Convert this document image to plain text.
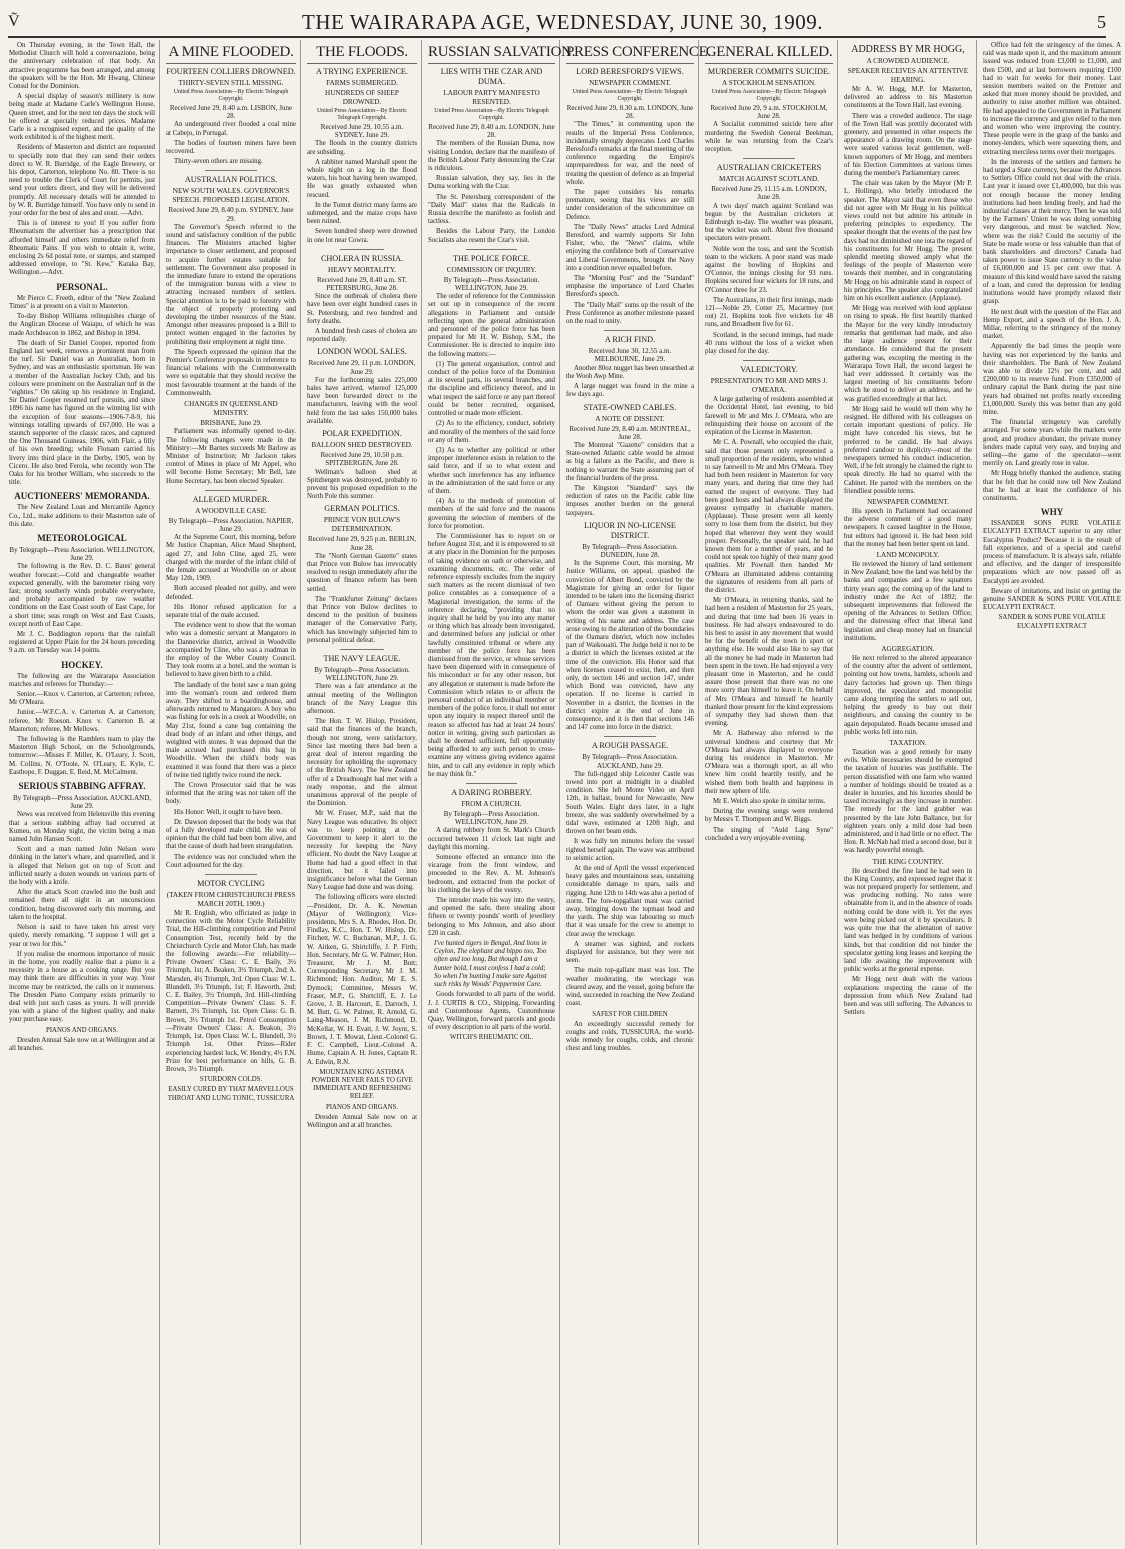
Ṽ	THE WAIRARAPA AGE, WEDNESDAY, JUNE 30, 1909.	5

On Thursday evening, in the Town Hall, the Methodist Church will hold a conversazione, being the anniversary celebration of that body. An attractive programme has been arranged, and among the speakers will be the Hon. Mr Hwang, Chinese Consul for the Dominion.

A special display of season's millinery is now being made at Madame Carle's Wellington House, Queen street, and for the next ten days the stock will be offered at specially reduced prices. Madame Carle is a recognised expert, and the quality of the work exhibited is of the highest merit.

Residents of Masterton and district are requested to specially note that they can send their orders direct to W. R. Burridge, of the Eagle Brewery, or his depot, Carterton, telephone No. 80. There is no need to trouble the Clerk of Court for permits, just send your orders direct, and they will be delivered promptly. All necessary details will be attended to by W. R. Burridge himself. You have only to send in your order for the best of ales and stout. —Advt.

This is of interest to you! If you suffer from Rheumatism the advertiser has a prescription that afforded himself and others immediate relief from Rheumatic Pains. If you wish to obtain it, write, enclosing 2s 6d postal note, or stamps, and stamped addressed envelope, to "St. Kew," Karaka Bay, Wellington.—Advt.

PERSONAL.

Mr Pierce C. Freeth, editor of the "New Zealand Times" is at present on a visit to Masterton.

To-day Bishop Williams relinquishes charge of the Anglican Diocese of Waiapu, of which he was made Archdeacon in 1862, and Bishop in 1894.

The death of Sir Daniel Cooper, reported from England last week, removes a prominent man from the turf. Sir Daniel was an Australian, born in Sydney, and was an enthusiastic sportsman. He was a member of the Australian Jockey Club, and his colours were prominent on the Australian turf in the "eighties." On taking up his residence in England, Sir Daniel Cooper resumed turf pursuits, and since 1896 his name has figured on the winning list with the exception of four seasons—1906-7-8-9, his winnings totalling upwards of £67,000. He was a staunch supporter of the classic races, and captured the One Thousand Guineas, 1906, with Flair, a filly of his own breeding; while Flotsam carried his livery into third place in the Derby, 1905, won by Cicero. He also bred Ferola, who recently won The Oaks for his brother William, who succeeds to the title.

AUCTIONEERS' MEMORANDA.

The New Zealand Loan and Mercantile Agency Co., Ltd., make additions to their Masterton sale of this date.

METEOROLOGICAL
By Telegraph—Press Association. WELLINGTON, June 29.

The following is the Rev. D. C. Bates' general weather forecast:—Cold and changeable weather expected generally, with the barometer rising very fast; strong southerly winds probable everywhere, and probably accompanied by raw weather conditions on the East Coast south of East Cape, for a short time; seas rough on West and East Coasts, except north of East Cape.

Mr J. C. Boddington reports that the rainfall registered at Upper Plain for the 24 hours preceding 9 a.m. on Tuesday was 14 points.

HOCKEY.

The following are the Wairarapa Association matches and referees for Thursday:—

Senior.—Knox v. Carterton, at Carterton; referee, Mr O'Meara.

Junior.—W.F.C.A. v. Carterton A. at Carterton; referee, Mr Roeson. Knox v. Carterton B. at Masterton; referee, Mr Mellows.

The following is the Ramblers team to play the Masterton High School, on the Schoolgrounds, tomorrow:—Misses F. Miller, K. O'Leary, J. Scott, M. Collins, N. O'Toole, N. O'Leary, E. Kyle, C. Easthope, F. Duggan, E. Reid, M. McCalment.

SERIOUS STABBING AFFRAY.
By Telegraph—Press Association. AUCKLAND, June 29.

News was received from Helensville this evening that a serious stabbing affray had occurred at Kumeu, on Monday night, the victim being a man named John Hansen Scott.

Scott and a man named John Nelson were drinking in the latter's whare, and quarrelled, and it is alleged that Nelson got on top of Scott and inflicted nearly a dozen wounds on various parts of the body with a knife.

After the attack Scott crawled into the bush and remained there all night in an unconscious condition, being discovered early this morning, and taken to the hospital.

Nelson is said to have taken his arrest very quietly, merely remarking, "I suppose I will get a year or two for this."

If you realise the enormous importance of music in the home, you readily realise that a piano is a necessity in a house as a cooking range. But you may think there are difficulties in your way. Your income may be restricted, the calls on it numerous. The Dresden Piano Company exists primarily to deal with just such cases as yours. It will provide you with a piano of the highest quality, and make your purchase easy.

PIANOS AND ORGANS.

Dresden Annual Sale now on at Wellington and at all branches.

A MINE FLOODED.
FOURTEEN COLLIERS DROWNED.
THIRTY-SEVEN STILL MISSING.
United Press Association—By Electric Telegraph Copyright.
Received June 29, 8.40 a.m. LISBON, June 28.

An underground river flooded a coal mine at Cabejo, in Portugal.

The bodies of fourteen miners have been recovered.

Thirty-seven others are missing.

AUSTRALIAN POLITICS.
NEW SOUTH WALES. GOVERNOR'S SPEECH. PROPOSED LEGISLATION.
Received June 29, 8.40 p.m. SYDNEY, June 29.

The Governor's Speech referred to the sound and satisfactory condition of the public finances. The Ministers attached higher importance to closer settlement, and proposed to acquire further estates suitable for settlement. The Government also proposed in the immediate future to extend the operations of the immigration bureau with a view to attracting increased numbers of settlers. Special attention is to be paid to forestry with the object of properly protecting and developing the timber resources of the State. Amongst other measures proposed is a Bill to protect women engaged in the factories by prohibiting their employment at night time.

The Speech expressed the opinion that the Premier's Conference proposals in reference to financial relations with the Commonwealth were so equitable that they should receive the most favourable treatment at the hands of the Commonwealth.

CHANGES IN QUEENSLAND MINISTRY.
BRISBANE, June 29.

Parliament was informally opened to-day. The following changes were made in the Ministry:—Mr Barnes succeeds Mr Barlow as Minister of Instruction; Mr Jackson takes control of Mines in place of Mr Appel, who will become Home Secretary; Mr Bell, late Home Secretary, has been elected Speaker.

ALLEGED MURDER.
A WOODVILLE CASE.
By Telegraph—Press Association. NAPIER, June 29.

At the Supreme Court, this morning, before Mr Justice Chapman, Alice Maud Shepherd, aged 27, and John Cline, aged 25, were charged with the murder of the infant child of the female accused at Woodville on or about May 12th, 1909.

Both accused pleaded not guilty, and were defended.

His Honor refused application for a separate trial of the male accused.

The evidence went to show that the woman who was a domestic servant at Mangatoro in the Dannevirke district, arrived in Woodville accompanied by Cline, who was a roadman in the employ of the Weber County Council. They took rooms at a hotel, and the woman is believed to have given birth to a child.

The landlady of the hotel saw a man going into the woman's room and ordered them away. They shifted to a boardinghouse, and afterwards returned to Mangatoro. A boy who was fishing for eels in a creek at Woodville, on May 21st, found a cane bag containing the dead body of an infant and other things, and weighted with stones. It was deposed that the male accused had purchased this bag in Woodville. When the child's body was examined it was found that there was a piece of twine tied tightly twice round the neck.

The Crown Prosecutor said that he was informed that the string was not taken off the body.

His Honor: Well, it ought to have been.

Dr. Dawson deposed that the body was that of a fully developed male child. He was of opinion that the child had been born alive, and that the cause of death had been strangulation.

The evidence was not concluded when the Court adjourned for the day.

MOTOR CYCLING
(TAKEN FROM CHRISTCHURCH PRESS MARCH 20TH, 1909.)

Mr R. English, who officiated as judge in connection with the Motor Cycle Reliability Trial, the Hill-climbing competition and Petrol Consumption Test, recently held by the Christchurch Cycle and Motor Club, has made the following awards:—For reliability—Private Owners' Class: C. E. Baily, 3½ Triumph, 1st; A. Beaken, 3½ Triumph, 2nd; A. Marsden, 4½ Triumph, 3rd. Open Class: W. L. Blundell, 3½ Triumph, 1st; F. Haworth, 2nd; C. E. Bailey, 3½ Triumph, 3rd. Hill-climbing Competition—Private Owners' Class: S. F. Barnett, 3½ Triumph, 1st. Open Class: G. B. Brown, 3½ Triumph 1st. Petrol Consumption—Private Owners' Class: A. Beakon, 3½ Triumph, 1st. Open Class: W. L. Blundell, 3½ Triumph 1st. Other Prizes—Rider experiencing hardest luck, W. Hendry, 4½ F.N. Prize for best performance on hills, G. B. Brown, 3½ Triumph.

STURDORN COLDS.
EASILY CURED BY THAT MARVELLOUS THROAT AND LUNG TONIC, TUSSICURA
THE FLOODS.
A TRYING EXPERIENCE.
FARMS SUBMERGED.
HUNDREDS OF SHEEP DROWNED.
United Press Association—By Electric Telegraph Copyright.
Received June 29, 10.55 a.m. SYDNEY, June 29.

The floods in the country districts are subsiding.

A rabbiter named Marshall spent the whole night on a log in the flood waters, his boat having been swamped. He was greatly exhausted when rescued.

In the Tumut district many farms are submerged, and the maize crops have been ruined.

Seven hundred sheep were drowned in one lot near Cowra.

CHOLERA IN RUSSIA.
HEAVY MORTALITY.
Received June 29, 8.40 a.m. ST. PETERSBURG, June 28.

Since the outbreak of cholera there have been over eight hundred cases in St. Petersburg, and two hundred and forty deaths.

A hundred fresh cases of cholera are reported daily.

LONDON WOOL SALES.
Received June 29, 11 p.m. LONDON, June 29.

For the forthcoming sales 225,000 bales have arrived, whereof 125,000 have been forwarded direct to the manufacturers, leaving with the wool held from the last sales 150,000 bales available.

POLAR EXPEDITION.
BALLOON SHED DESTROYED.
Received June 29, 10.50 p.m. SPITZBERGEN, June 28.

Wellman's balloon shed at Spitzbergen was destroyed, probably to prevent his proposed expedition to the North Pole this summer.

GERMAN POLITICS.
PRINCE VON BULOW'S DETERMINATION.
Received June 29, 9.25 p.m. BERLIN, June 28.

The "North German Gazette" states that Prince von Bulow has irrevocably resolved to resign immediately after the question of finance reform has been settled.

The "Frankfurter Zeitung" declares that Prince von Bulow declines to descend to the position of business manager of the Conservative Party, which has knowingly subjected him to personal political defeat.

THE NAVY LEAGUE.
By Telegraph—Press Association. WELLINGTON, June 29.

There was a fair attendance at the annual meeting of the Wellington branch of the Navy League this afternoon.

The Hon. T. W. Hislop, President, said that the finances of the branch, though not strong, were satisfactory. Since last meeting there had been a great deal of interest regarding the necessity for upholding the supremacy of the British Navy. The New Zealand offer of a Dreadnought had met with a ready response, and the almost unanimous approval of the people of the Dominion.

Mr W. Fraser, M.P., said that the Navy League was educative. Its object was to keep pointing at the Government to keep it alert to the necessity for keeping the Navy efficient. No doubt the Navy League at Home had had a good effect in that direction, but it failed into insignificance before what the German Navy League had done and was doing.

The following officers were elected:—President, Dr. A. K. Newman (Mayor of Wellington); Vice-presidents, Mrs S. A. Rhodes, Hon. Dr. Findlay, K.C., Hon. T. W. Hislop, Dr. Fitchett, W. C. Buchanan, M.P., J. G. W. Aitken, G. Shirtcliffe, J. P. Firth; Hon. Secretary, Mr G. W. Palmer; Hon. Treasurer, Mr J. M. Butt; Corresponding Secretary, Mr J. M. Richmond; Hon. Auditor, Mr E. S. Dymock; Committee, Messrs W. Fraser, M.P., G. Shirtcliff, E. J. Le Grove, J. B. Harcourt, E. Darroch, J. M. Butt, G. W. Palmer, R. Arnold, G. Laing-Meason, J. M. Richmond, D. McKellar, W. H. Evatt, J. W. Joynt, S. Brown, J. T. Mowat, Lieut.-Colonel G. F. C. Campbell, Lieut.-Colonel A. Hume, Captain A. H. Jones, Captain R. A. Edwin, R.N.

MOUNTAIN KING ASTHMA POWDER NEVER FAILS TO GIVE IMMEDIATE AND REFRESHING RELIEF.
PIANOS AND ORGANS.

Dresden Annual Sale now on at Wellington and at all branches.

RUSSIAN SALVATION.
LIES WITH THE CZAR AND DUMA.
LABOUR PARTY MANIFESTO RESENTED.
United Press Association—By Electric Telegraph Copyright.
Received June 29, 8.40 a.m. LONDON, June 28.

The members of the Russian Duma, now visiting London, declare that the manifesto of the British Labour Party denouncing the Czar is ridiculous.

Russian salvation, they say, lies in the Duma working with the Czar.

The St. Petersburg correspondent of the "Daily Mail" states that the Radicals in Russia describe the manifesto as foolish and tactless.

Besides the Labour Party, the London Socialists also resent the Czar's visit.

THE POLICE FORCE.
COMMISSION OF INQUIRY.
By Telegraph—Press Association. WELLINGTON, June 29.

The order of reference for the Commission set out up in consequence of the recent allegations in Parliament and outside reflecting upon the general administration and personnel of the police force has been prepared for Mr H. W. Bishop, S.M., the Commissioner. He is directed to inquire into the following matters:—

(1) The general organisation, control and conduct of the police force of the Dominion at its several parts, its several branches, and the discipline and efficiency thereof, and in what respect the said force or any part thereof could be better recruited, organised, controlled or made more efficient.

(2) As to the efficiency, conduct, sobriety and morality of the members of the said force or any of them.

(3) As to whether any political or other improper interference exists in relation to the said force, and if so to what extent and whether such interference has any influence in the administration of the said force or any of them.

(4) As to the methods of promotion of members of the said force and the reasons governing the selection of members of the force for promotion.

The Commissioner has to report on or before August 31st, and it is empowered to sit at any place in the Dominion for the purposes of taking evidence on oath or otherwise, and examining documents, etc. The order of reference expressly excludes from the inquiry such matters as the recent dismissal of two police constables as a consequence of a Magisterial investigation, the terms of the reference declaring, "providing that no inquiry shall be held by you into any matter or thing which has already been investigated, and determined before any judicial or other lawfully constituted tribunal or where any member of the police force has been dismissed from the service, or whose services have been dispensed with in consequence of his misconduct or for any other reason, but any allegation or statement is made before the Commission which relates to or affects the personal conduct of an individual member or members of the police force, it shall not enter upon any inquiry in respect thereof until the reason so affected has had at least 24 hours' notice in writing, giving such particulars as shall be deemed sufficient, full opportunity being afforded to any such person to cross-examine any witness giving evidence against him, and to call any evidence in reply which he may think fit."

A DARING ROBBERY.
FROM A CHURCH.
By Telegraph—Press Association. WELLINGTON, June 29.

A daring robbery from St. Mark's Church occurred between 11 o'clock last night and daylight this morning.

Someone effected an entrance into the vicarage from the front window, and proceeded to the Rev. A. M. Johnson's bedroom, and extracted from the pocket of his clothing the keys of the vestry.

The intruder made his way into the vestry, and opened the safe, there stealing about fifteen or twenty pounds' worth of jewellery belonging to Mrs Johnson, and also about £20 in cash.

I've hunted tigers in Bengal, And lions in Ceylon, The elephant and hippo too, Too often and too long, But though I am a hunter bold, I must confess I had a cold; So when I'm hunting I make sure Against such risks by Woods' Peppermint Cure.

Goods forwarded to all parts of the world. J. J. CURTIS & CO., Shipping, Forwarding and Customhouse Agents, Customhouse Quay, Wellington, forward parcels and goods of every description to all parts of the world.

WITCH'S RHEUMATIC OIL.
PRESS CONFERENCE.
LORD BERESFORD'S VIEWS.
NEWSPAPER COMMENT.
United Press Association—By Electric Telegraph Copyright.
Received June 29, 8.30 a.m. LONDON, June 28.

"The Times," in commenting upon the results of the Imperial Press Conference, incidentally strongly deprecates Lord Charles Beresford's remarks at the final meeting of the conference regarding the Empire's unpreparedness for war, and the need of treating the question of defence as an Imperial whole.

The paper considers his remarks premature, seeing that his views are still under consideration of the subcommittee on Defence.

The "Daily News" attacks Lord Admiral Beresford, and warmly supports Sir John Fisher, who, the "News" claims, while enjoying the confidence both of Conservative and Liberal Governments, brought the Navy into a condition never equalled before.

The "Morning Post" and the "Standard" emphasise the importance of Lord Charles Beresford's speech.

The "Daily Mail" sums up the result of the Press Conference as another milestone passed on the road to unity.

A RICH FIND.
Received June 30, 12.55 a.m. MELBOURNE, June 29.

Another 80oz nugget has been unearthed at the Wooh Awp Mine.

A large nugget was found in the mine a few days ago.

STATE-OWNED CABLES.
A NOTE OF DISSENT.
Received June 29, 8.40 a.m. MONTREAL, June 28.

The Montreal "Gazette" considers that a State-owned Atlantic cable would be almost as big a failure as the Pacific, and there is nothing to warrant the State assuming part of the financial burdens of the press.

The Kingston "Standard" says the reduction of rates on the Pacific cable line imposes another burden on the general taxpayers.

LIQUOR IN NO-LICENSE DISTRICT.
By Telegraph—Press Association. DUNEDIN, June 28.

In the Supreme Court, this morning, Mr Justice Williams, on appeal, quashed the conviction of Albert Bond, convicted by the Magistrate for giving an order for liquor intended to be taken into the licensing district of Oamaru without giving the person to whom the order was given a statement in writing of his name and address. The case arose owing to the alteration of the boundaries of the Oamaru district, which now includes part of Waikouaiti. The Judge held it not to be a district in which the licenses existed at the time of the conviction. His Honor said that when licenses ceased to exist, then, and then only, do section 146 and section 147, under which Bond was convicted, have any operation. If no license is carried in November in a district, the licenses in the district expire at the end of June in consequence, and it is then that sections 146 and 147 come into force in the district.

A ROUGH PASSAGE.
By Telegraph—Press Association. AUCKLAND, June 29.

The full-rigged ship Leicester Castle was towed into port at midnight in a disabled condition. She left Monte Video on April 12th, in ballast, bound for Newcastle, New South Wales. Eight days later, in a light breeze, she was suddenly overwhelmed by a tidal wave, estimated at 120ft high, and thrown on her beam ends.

It was fully ten minutes before the vessel righted herself again. The wave was attributed to seismic action.

At the end of April the vessel experienced heavy gales and mountainous seas, sustaining considerable damage to spars, sails and rigging. June 12th to 14th was also a period of storm. The fore-topgallant mast was carried away, bringing down the topmast head and the yards. The ship was labouring so much that it was unsafe for the crew to attempt to clear away the wreckage.

A steamer was sighted, and rockets displayed for assistance, but they were not seen.

The main top-gallant mast was lost. The weather moderating, the wreckage was cleared away, and the vessel, going before the wind, succeeded in reaching the New Zealand coast.

SAFEST FOR CHILDREN

An exceedingly successful remedy for coughs and colds, TUSSICURA, the world-wide remedy for coughs, colds, and chronic chest and lung troubles.

GENERAL KILLED.
MURDERER COMMITS SUICIDE.
A STOCKHOLM SENSATION.
United Press Association—By Electric Telegraph Copyright.
Received June 29, 9 a.m. STOCKHOLM, June 28.

A Socialist committed suicide here after murdering the Swedish General Beekman, while he was returning from the Czar's reception.

AUSTRALIAN CRICKETERS
MATCH AGAINST SCOTLAND.
Received June 29, 11.15 a.m. LONDON, June 28.

A two days' match against Scotland was begun by the Australian cricketers at Edinburgh to-day. The weather was pleasant, but the wicket was soft. About five thousand spectators were present.

Noble won the toss, and sent the Scottish team to the wickets. A poor stand was made against the bowling of Hopkins and O'Connor, the innings closing for 93 runs. Hopkins secured four wickets for 18 runs, and O'Connor three for 23.

The Australians, in their first innings, made 121—Noble 29, Cotter 25, Macartney (not out) 21. Hopkins took five wickets for 48 runs, and Broadbent five for 61.

Scotland, in the second innings, had made 40 runs without the loss of a wicket when play closed for the day.

VALEDICTORY.
PRESENTATION TO MR AND MRS J. O'MEARA.

A large gathering of residents assembled at the Occidental Hotel, last evening, to bid farewell to Mr and Mrs J. O'Meara, who are relinquishing their house on account of the expiration of the License in Masterton.

Mr C. A. Pownall, who occupied the chair, said that those present only represented a small proportion of the residents, who wished to say farewell to Mr and Mrs O'Meara. They had both been resident in Masterton for very many years, and during that time they had earned the respect of everyone. They had been good hosts and had always displayed the greatest sympathy in charitable matters. (Applause). Those present were all keenly sorry to lose them from the district, but they hoped that wherever they went they would prosper. Personally, the speaker said, he had known them for a number of years, and he could not speak too highly of their many good qualities. Mr Pownall then handed Mr O'Meara an illuminated address containing the signatures of residents from all parts of the district.

Mr O'Meara, in returning thanks, said he had been a resident of Masterton for 25 years, and during that time had been 16 years in business. He had always endeavoured to do his best to assist in any movement that would be for the benefit of the town in sport or anything else. He would also like to say that all the money he had made in Masterton had been spent in the town. He had enjoyed a very pleasant time in Masterton, and he could assure those present that there was no one more sorry than himself to leave it. On behalf of Mrs O'Meara and himself he heartily thanked those present for the kind expressions of sympathy they had shown them that evening.

Mr A. Hatheway also referred to the universal kindness and courtesy that Mr O'Meara had always displayed to everyone during his residence in Masterton. Mr O'Meara was a thorough sport, as all who knew him could heartily testify, and he wished them both health and happiness in their new sphere of life.

Mr E. Welch also spoke in similar terms.

During the evening songs were rendered by Messrs T. Thompson and W. Biggs.

The singing of "Auld Lang Syne" concluded a very enjoyable evening.

ADDRESS BY MR HOGG,
A CROWDED AUDIENCE.
SPEAKER RECEIVES AN ATTENTIVE HEARING.

Mr A. W. Hogg, M.P. for Masterton, delivered an address to his Masterton constituents at the Town Hall, last evening.

There was a crowded audience. The stage of the Town Hall was prettily decorated with greenery, and presented in other respects the appearance of a drawing room. On the stage were seated various local gentlemen, well-known supporters of Mr Hogg, and members of his Election Committees at various times during the member's Parliamentary career.

The chair was taken by the Mayor (Mr P. L. Hollings), who briefly introduced the speaker. The Mayor said that even those who did not agree with Mr Hogg in his political views could not but admire his attitude in preferring principles to expediency. The speaker thought that the events of the past few days had not diminished one iota the regard of his constituents for Mr Hogg. The present splendid meeting showed amply what the feelings of the people of Masterton were towards their member, and in congratulating Mr Hogg on his admirable stand in respect of his principles. The speaker also congratulated him on his excellent audience. (Applause).

Mr Hogg was received with loud applause on rising to speak. He first heartily thanked the Mayor for the very kindly introductory remarks that gentleman had made, and also the large audience present for their attendance. He considered that the present gathering was, excepting the meeting in the Wairarapa Town Hall, the second largest he had ever addressed. It certainly was the largest meeting of his constituents before which he stood to deliver an address, and he was gratified exceedingly at that fact.

Mr Hogg said he would tell them why he resigned. He differed with his colleagues on certain important questions of policy. He might have conceded his views, but he preferred to be candid. He had always preferred candour to duplicity—most of the newspapers termed his conduct indiscretion. Well, if he felt strongly he claimed the right to speak directly. He had no quarrel with the Cabinet. He parted with the members on the friendliest possible terms.

NEWSPAPER COMMENT.

His speech in Parliament had occasioned the adverse comment of a good many newspapers. It caused laughter in the House, but editors had ignored it. He had been told that the money had been better spent on land.

LAND MONOPOLY.

He reviewed the history of land settlement in New Zealand; how the land was held by the banks and companies and a few squatters thirty years ago; the coming up of the land to industry under the Act of 1892; the subsequent improvements that followed the opening of the Advances to Settlers Office; and the distressing effect that liberal land legislation and cheap money had on financial institutions.

AGGREGATION.

He next referred to the altered appearance of the country after the advent of settlement, pointing out how towns, hamlets, schools and dairy factories had grown up. Then things improved, the speculator and monopolist came along tempting the settlers to sell out, helping the greedy to buy out their neighbours, and causing the country to be again depopulated. Roads became unused and public works fell into ruin.

TAXATION.

Taxation was a good remedy for many evils. While necessaries should be exempted the taxation of luxuries was justifiable. The person dissatisfied with one farm who wanted a number of holdings should be treated as a dealer in luxuries, and his luxuries should be taxed increasingly as they increase in number. The remedy for the land grabber was presented by the late John Ballance, but for eighteen years only a mild dose had been administered, and it had little or no effect. The Hon. R. McNab had tried a second dose, but it was hardly powerful enough.

THE KING COUNTRY.

He described the fine land he had seen in the King Country, and expressed regret that it was not prepared properly for settlement, and was producing nothing. No rates were obtainable from it, and in the absence of roads nothing could be done with it. Yet the eyes were being picked out of it by speculators. It was quite true that the alienation of native land was hedged in by conditions of various kinds, but that condition did not hinder the speculator getting long leases and keeping the land idle awaiting the improvement with public works at the general expense.

Mr Hogg next dealt with the various explanations respecting the cause of the depression from which New Zealand had been and was still suffering. The Advances to Settlers

Office had felt the stringency of the times. A raid was made upon it, and the maximum amount issued was reduced from £3,000 to £1,000, and then £500, and at last borrowers requiring £100 had to wait for weeks for their money. Last session members waited on the Premier and asked that more money should be provided, and authority to raise another million was obtained. He had appealed to the Government in Parliament to increase the currency and give relief to the men and women who were improving the country. These people were in the grasp of the banks and money-lenders, which were squeezing them, and extracting merciless terms over their mortgages.

In the interests of the settlers and farmers he had urged a State currency, because the Advances to Settlers Office could not deal with the crisis. Last year it issued over £1,400,000, but this was not enough because the money lending institutions had been lending freely, and had the industrial classes at their mercy. Then he was told by the Farmers' Union he was doing something very dangerous, and must be watched. Now, where was the risk? Could the security of the State be made worse or less valuable than that of bank shareholders and directors? Canada had taken power to issue State currency to the value of £6,000,000 and 15 per cent over that. A measure of this kind would have saved the raising of a loan, and cured the depression for lending institutions would have promptly relaxed their grasp.

He next dealt with the question of the Flax and Hemp Export, and a speech of the Hon. J. A. Millar, referring to the stringency of the money market.

Apparently the bad times the people were having was not experienced by the banks and their shareholders. The Bank of New Zealand was able to divide 12½ per cent, and add £200,000 to its reserve fund. From £350,000 of ordinary capital the Bank during the past nine years had obtained net profits nearly exceeding £1,000,000. Surely this was better than any gold mine.

The financial stringency was carefully arranged. For some years while the markets were good, and produce abundant, the private money lenders made capital very easy, and buying and selling—the game of the speculator—went merrily on. Land greatly rose in value.

Mr Hogg briefly thanked the audience, stating that he felt that he could now tell New Zealand that he had at least the confidence of his constituents.

WHY

ISSANDER SONS PURE VOLATILE EUCALYPTI EXTRACT superior to any other Eucalyptus Product? Because it is the result of full experience, and of a special and careful process of manufacture. It is always safe, reliable and effective, and the danger of irresponsible preparations which are now passed off as Eucalypti are avoided.

Beware of imitations, and insist on getting the genuine SANDER & SONS PURE VOLATILE EUCALYPTI EXTRACT.

SANDER & SONS PURE VOLATILE EUCALYPTI EXTRACT
